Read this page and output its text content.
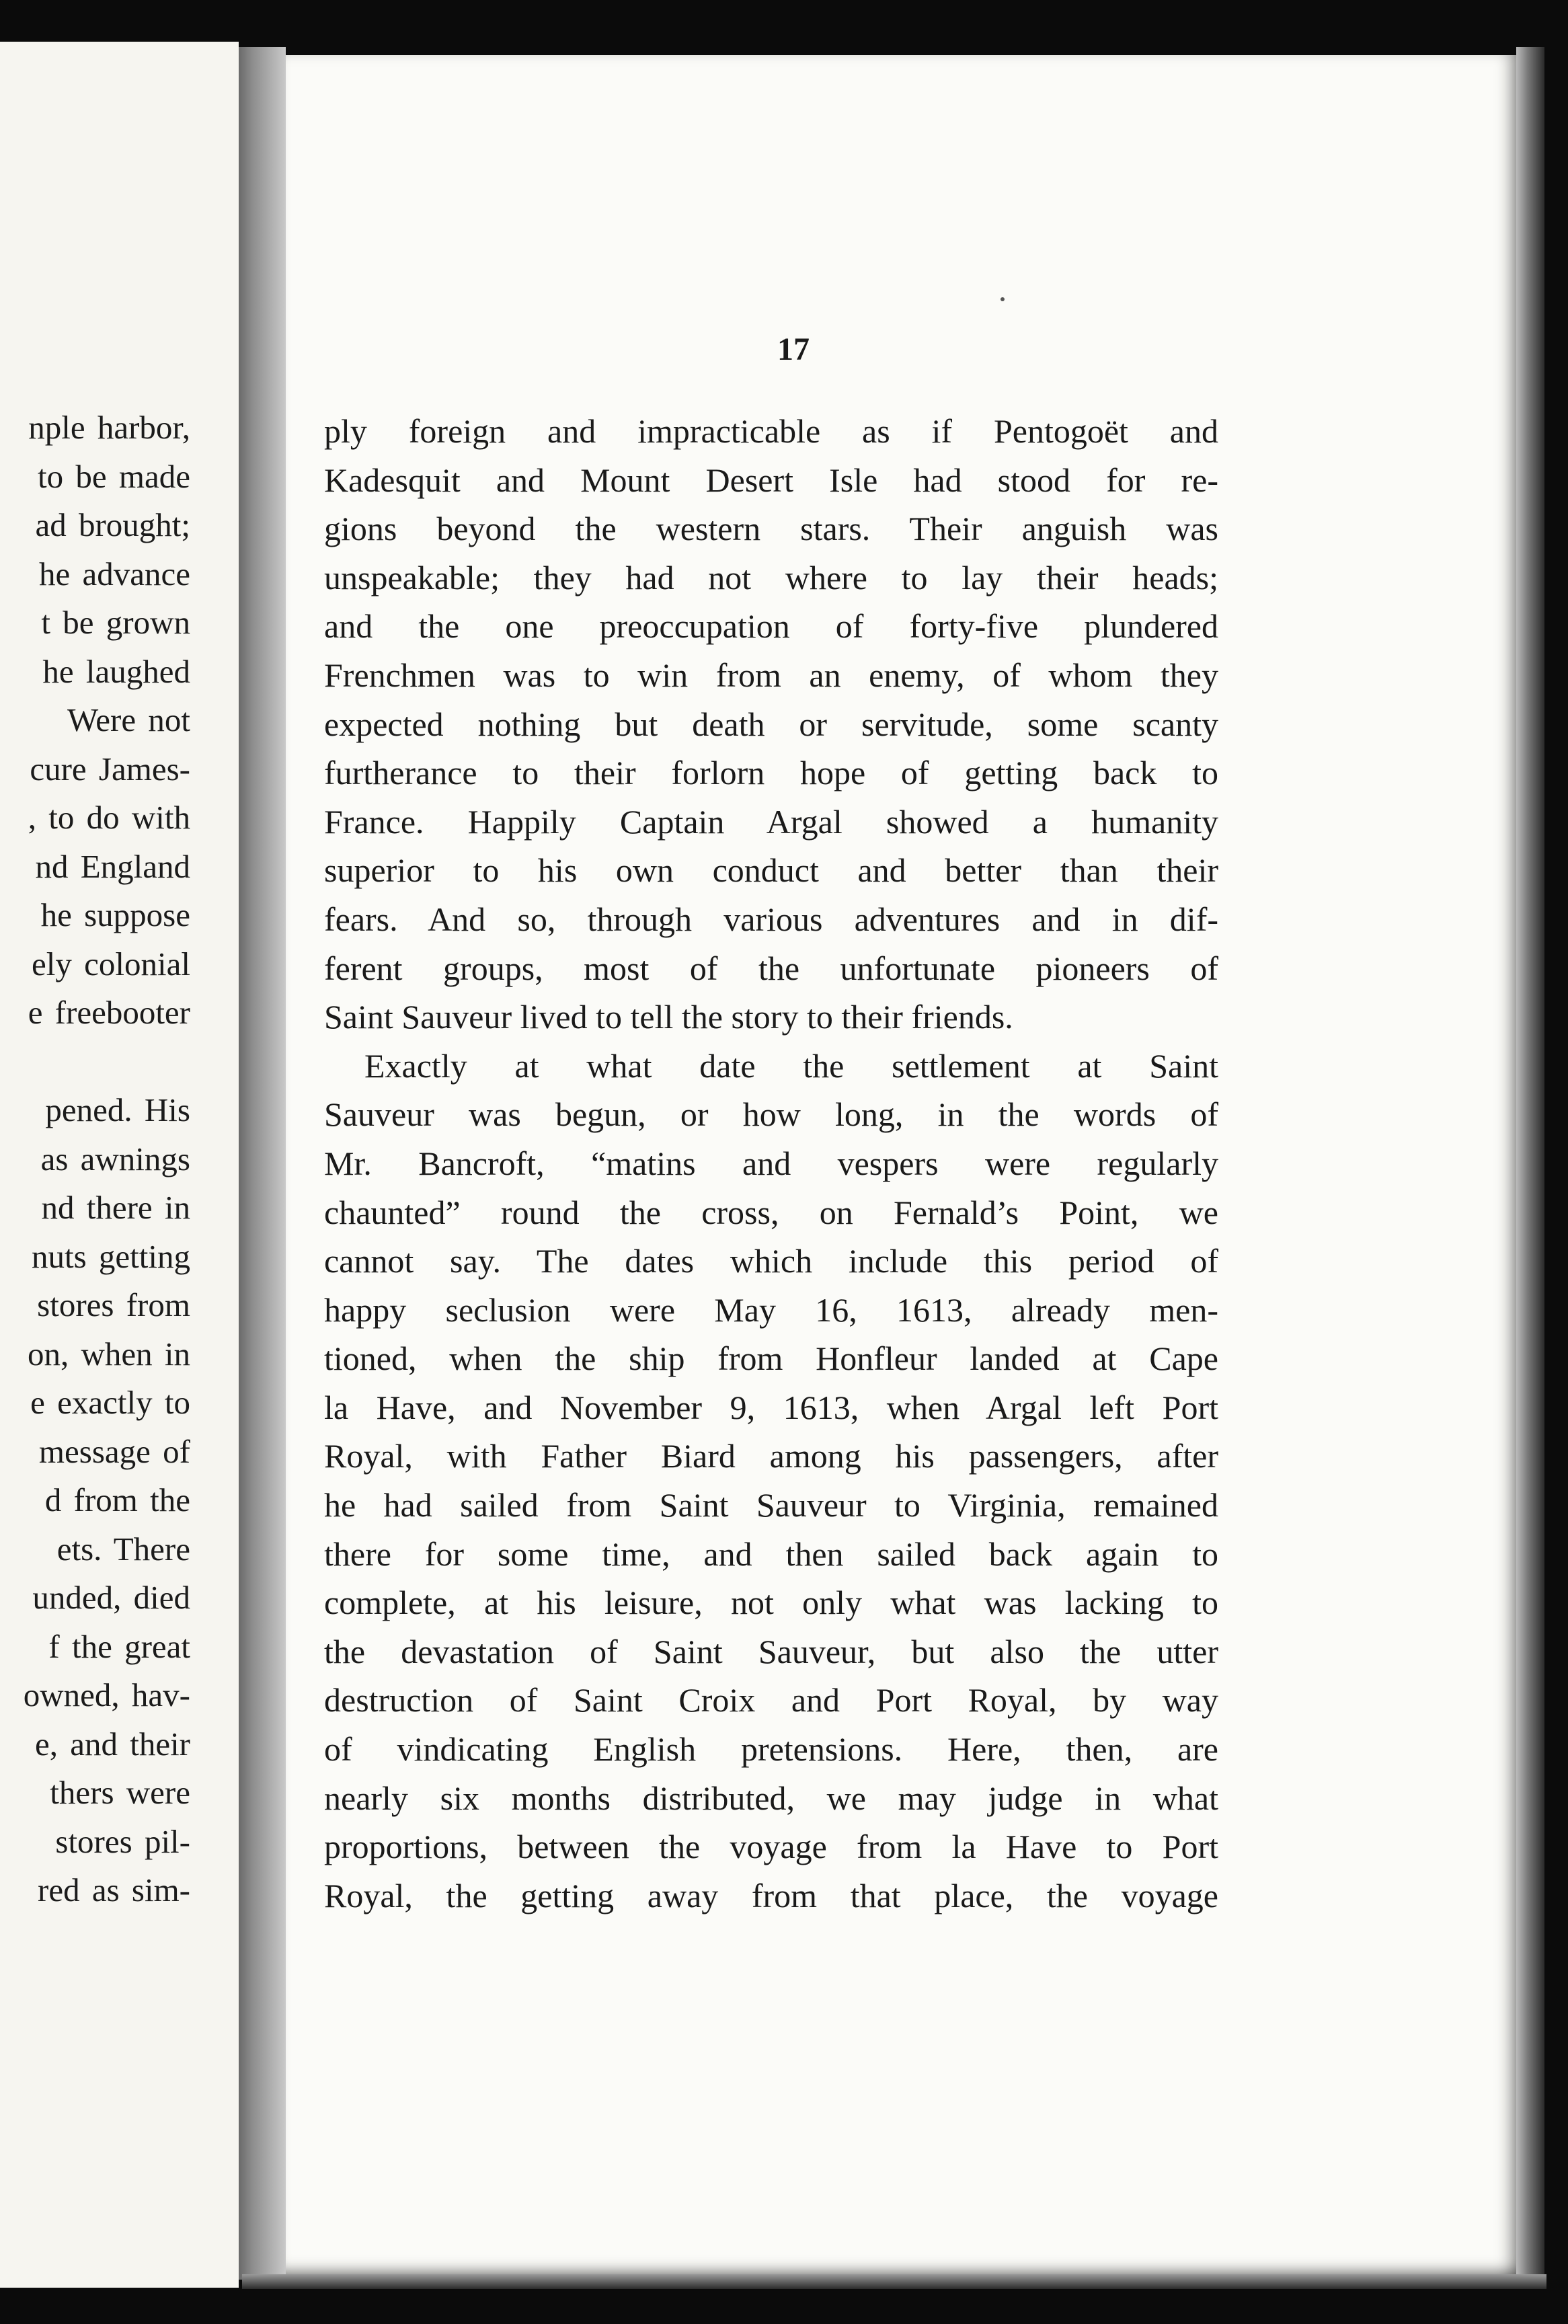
nple harbor,
to be made
ad brought;
he advance
t be grown
he laughed
Were not
cure James-
, to do with
nd England
he suppose
ely colonial
e freebooter
pened. His
as awnings
nd there in
nuts getting
stores from
on, when in
e exactly to
message of
d from the
ets. There
unded, died
f the great
owned, hav-
e, and their
thers were
stores pil-
red as sim-
17
ply foreign and impracticable as if Pentogoët and
Kadesquit and Mount Desert Isle had stood for re-
gions beyond the western stars. Their anguish was
unspeakable; they had not where to lay their heads;
and the one preoccupation of forty-five plundered
Frenchmen was to win from an enemy, of whom they
expected nothing but death or servitude, some scanty
furtherance to their forlorn hope of getting back to
France. Happily Captain Argal showed a humanity
superior to his own conduct and better than their
fears. And so, through various adventures and in dif-
ferent groups, most of the unfortunate pioneers of
Saint Sauveur lived to tell the story to their friends.
Exactly at what date the settlement at Saint
Sauveur was begun, or how long, in the words of
Mr. Bancroft, “matins and vespers were regularly
chaunted” round the cross, on Fernald’s Point, we
cannot say. The dates which include this period of
happy seclusion were May 16, 1613, already men-
tioned, when the ship from Honfleur landed at Cape
la Have, and November 9, 1613, when Argal left Port
Royal, with Father Biard among his passengers, after
he had sailed from Saint Sauveur to Virginia, remained
there for some time, and then sailed back again to
complete, at his leisure, not only what was lacking to
the devastation of Saint Sauveur, but also the utter
destruction of Saint Croix and Port Royal, by way
of vindicating English pretensions. Here, then, are
nearly six months distributed, we may judge in what
proportions, between the voyage from la Have to Port
Royal, the getting away from that place, the voyage
